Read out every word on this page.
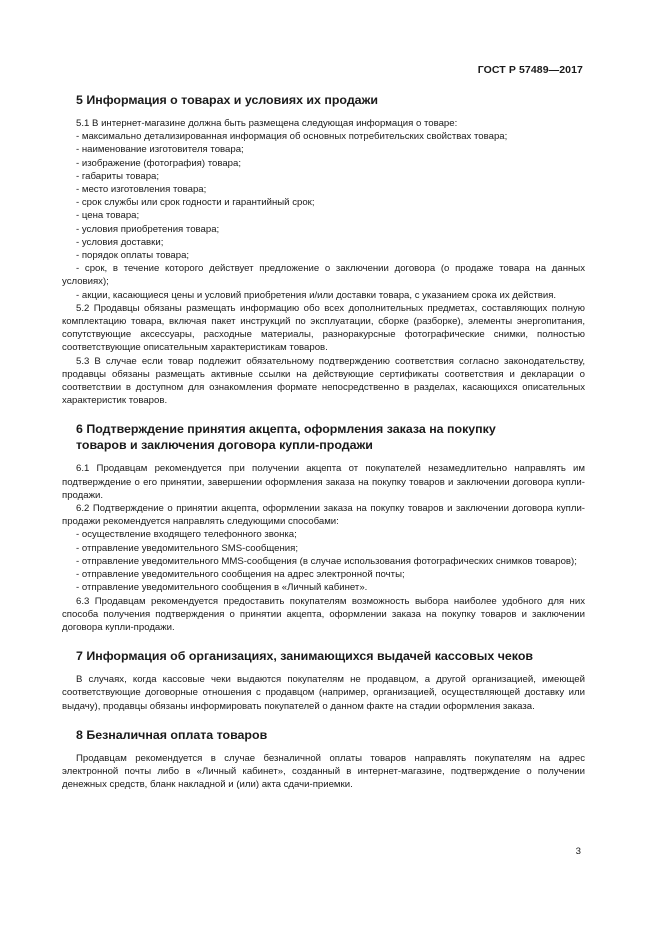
ГОСТ Р 57489—2017
5 Информация о товарах и условиях их продажи

5.1 В интернет-магазине должна быть размещена следующая информация о товаре:

- максимально детализированная информация об основных потребительских свойствах товара;

- наименование изготовителя товара;

- изображение (фотография) товара;

- габариты товара;

- место изготовления товара;

- срок службы или срок годности и гарантийный срок;

- цена товара;

- условия приобретения товара;

- условия доставки;

- порядок оплаты товара;

- срок, в течение которого действует предложение о заключении договора (о продаже товара на данных условиях);

- акции, касающиеся цены и условий приобретения и/или доставки товара, с указанием срока их действия.

5.2 Продавцы обязаны размещать информацию обо всех дополнительных предметах, составляющих полную комплектацию товара, включая пакет инструкций по эксплуатации, сборке (разборке), элементы энергопитания, сопутствующие аксессуары, расходные материалы, разноракурсные фотографические снимки, полностью соответствующие описательным характеристикам товаров.

5.3 В случае если товар подлежит обязательному подтверждению соответствия согласно законодательству, продавцы обязаны размещать активные ссылки на действующие сертификаты соответствия и декларации о соответствии в доступном для ознакомления формате непосредственно в разделах, касающихся описательных характеристик товаров.

6 Подтверждение принятия акцепта, оформления заказа на покупку
товаров и заключения договора купли-продажи

6.1 Продавцам рекомендуется при получении акцепта от покупателей незамедлительно направлять им подтверждение о его принятии, завершении оформления заказа на покупку товаров и заключении договора купли-продажи.

6.2 Подтверждение о принятии акцепта, оформлении заказа на покупку товаров и заключении договора купли-продажи рекомендуется направлять следующими способами:

- осуществление входящего телефонного звонка;

- отправление уведомительного SMS-сообщения;

- отправление уведомительного MMS-сообщения (в случае использования фотографических снимков товаров);

- отправление уведомительного сообщения на адрес электронной почты;

- отправление уведомительного сообщения в «Личный кабинет».

6.3 Продавцам рекомендуется предоставить покупателям возможность выбора наиболее удобного для них способа получения подтверждения о принятии акцепта, оформлении заказа на покупку товаров и заключении договора купли-продажи.

7 Информация об организациях, занимающихся выдачей кассовых чеков

В случаях, когда кассовые чеки выдаются покупателям не продавцом, а другой организацией, имеющей соответствующие договорные отношения с продавцом (например, организацией, осуществляющей доставку или выдачу), продавцы обязаны информировать покупателей о данном факте на стадии оформления заказа.

8 Безналичная оплата товаров

Продавцам рекомендуется в случае безналичной оплаты товаров направлять покупателям на адрес электронной почты либо в «Личный кабинет», созданный в интернет-магазине, подтверждение о получении денежных средств, бланк накладной и (или) акта сдачи-приемки.

3
